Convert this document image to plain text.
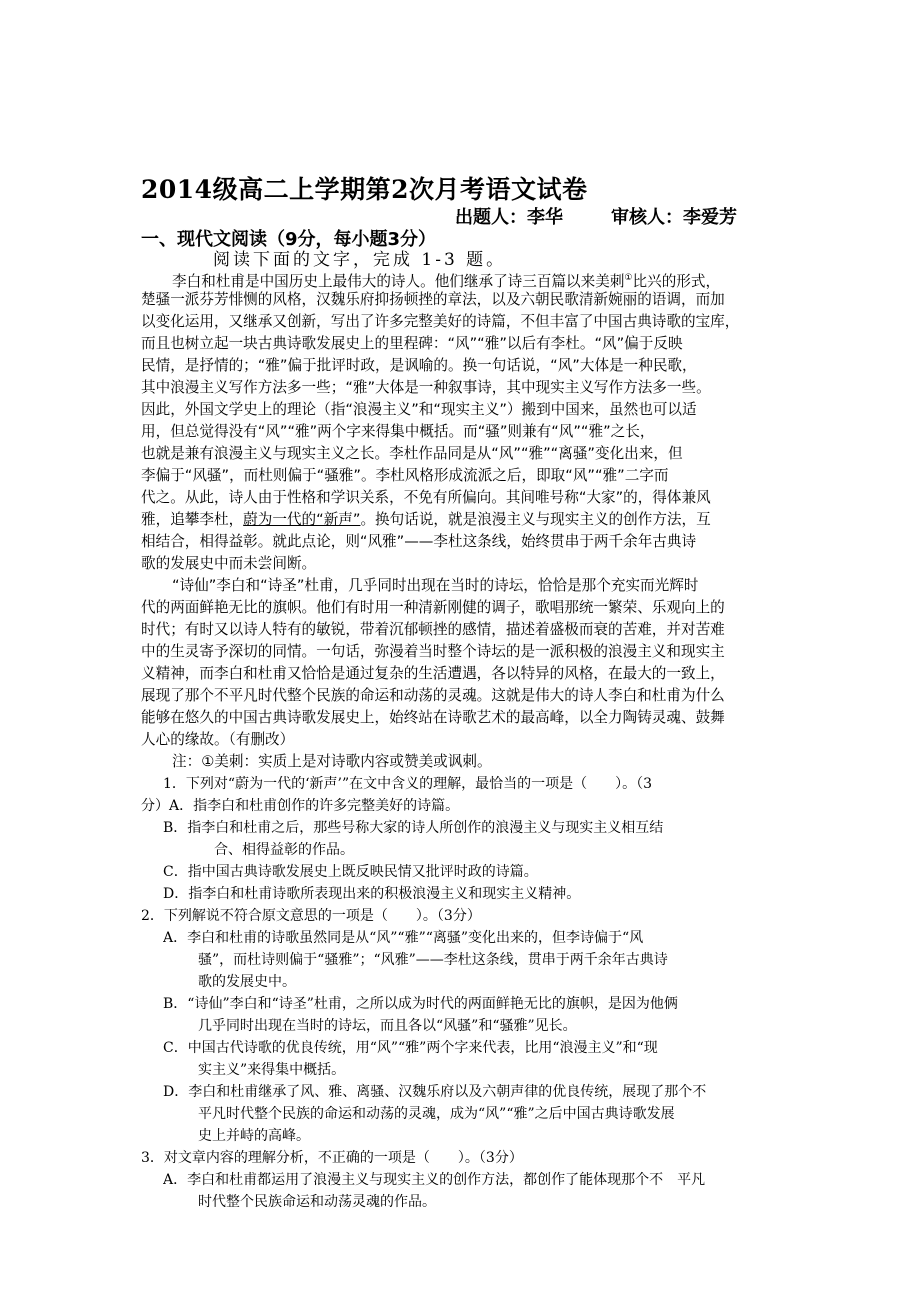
2014级高二上学期第2次月考语文试卷
出题人：李华	审核人：李爱芳
一、现代文阅读（9分，每小题3分）
阅读下面的文字，完成 1-3 题。
李白和杜甫是中国历史上最伟大的诗人。他们继承了诗三百篇以来美刺①比兴的形式，
楚骚一派芬芳悱恻的风格，汉魏乐府抑扬顿挫的章法，以及六朝民歌清新婉丽的语调，而加
以变化运用，又继承又创新，写出了许多完整美好的诗篇，不但丰富了中国古典诗歌的宝库，
而且也树立起一块古典诗歌发展史上的里程碑：“风”“雅”以后有李杜。“风”偏于反映
民情，是抒情的；“雅”偏于批评时政，是讽喻的。换一句话说，“风”大体是一种民歌，
其中浪漫主义写作方法多一些；“雅”大体是一种叙事诗，其中现实主义写作方法多一些。
因此，外国文学史上的理论（指“浪漫主义”和“现实主义”）搬到中国来，虽然也可以适
用，但总觉得没有“风”“雅”两个字来得集中概括。而“骚”则兼有“风”“雅”之长，
也就是兼有浪漫主义与现实主义之长。李杜作品同是从“风”“雅”“离骚”变化出来，但
李偏于“风骚”，而杜则偏于“骚雅”。李杜风格形成流派之后，即取“风”“雅”二字而
代之。从此，诗人由于性格和学识关系，不免有所偏向。其间唯号称“大家”的，得体兼风
雅，追攀李杜，蔚为一代的“新声”。换句话说，就是浪漫主义与现实主义的创作方法，互
相结合，相得益彰。就此点论，则“风雅”——李杜这条线，始终贯串于两千余年古典诗
歌的发展史中而未尝间断。
“诗仙”李白和“诗圣”杜甫，几乎同时出现在当时的诗坛，恰恰是那个充实而光辉时
代的两面鲜艳无比的旗帜。他们有时用一种清新刚健的调子，歌唱那统一繁荣、乐观向上的
时代；有时又以诗人特有的敏锐，带着沉郁顿挫的感情，描述着盛极而衰的苦难，并对苦难
中的生灵寄予深切的同情。一句话，弥漫着当时整个诗坛的是一派积极的浪漫主义和现实主
义精神，而李白和杜甫又恰恰是通过复杂的生活遭遇，各以特异的风格，在最大的一致上，
展现了那个不平凡时代整个民族的命运和动荡的灵魂。这就是伟大的诗人李白和杜甫为什么
能够在悠久的中国古典诗歌发展史上，始终站在诗歌艺术的最高峰，以全力陶铸灵魂、鼓舞
人心的缘故。（有删改）
注：①美刺：实质上是对诗歌内容或赞美或讽刺。
1．下列对“蔚为一代的‘新声’”在文中含义的理解，最恰当的一项是（　　）。（3
分）A．指李白和杜甫创作的许多完整美好的诗篇。
B．指李白和杜甫之后，那些号称大家的诗人所创作的浪漫主义与现实主义相互结
合、相得益彰的作品。
C．指中国古典诗歌发展史上既反映民情又批评时政的诗篇。
D．指李白和杜甫诗歌所表现出来的积极浪漫主义和现实主义精神。
2．下列解说不符合原文意思的一项是（　　）。（3分）
A．李白和杜甫的诗歌虽然同是从“风”“雅”“离骚”变化出来的，但李诗偏于“风
骚”，而杜诗则偏于“骚雅”；“风雅”——李杜这条线，贯串于两千余年古典诗
歌的发展史中。
B．“诗仙”李白和“诗圣”杜甫，之所以成为时代的两面鲜艳无比的旗帜，是因为他俩
几乎同时出现在当时的诗坛，而且各以“风骚”和“骚雅”见长。
C．中国古代诗歌的优良传统，用“风”“雅”两个字来代表，比用“浪漫主义”和“现
实主义”来得集中概括。
D．李白和杜甫继承了风、雅、离骚、汉魏乐府以及六朝声律的优良传统，展现了那个不
平凡时代整个民族的命运和动荡的灵魂，成为“风”“雅”之后中国古典诗歌发展
史上并峙的高峰。
3．对文章内容的理解分析，不正确的一项是（　　）。（3分）
A．李白和杜甫都运用了浪漫主义与现实主义的创作方法，都创作了能体现那个不　平凡
时代整个民族命运和动荡灵魂的作品。
